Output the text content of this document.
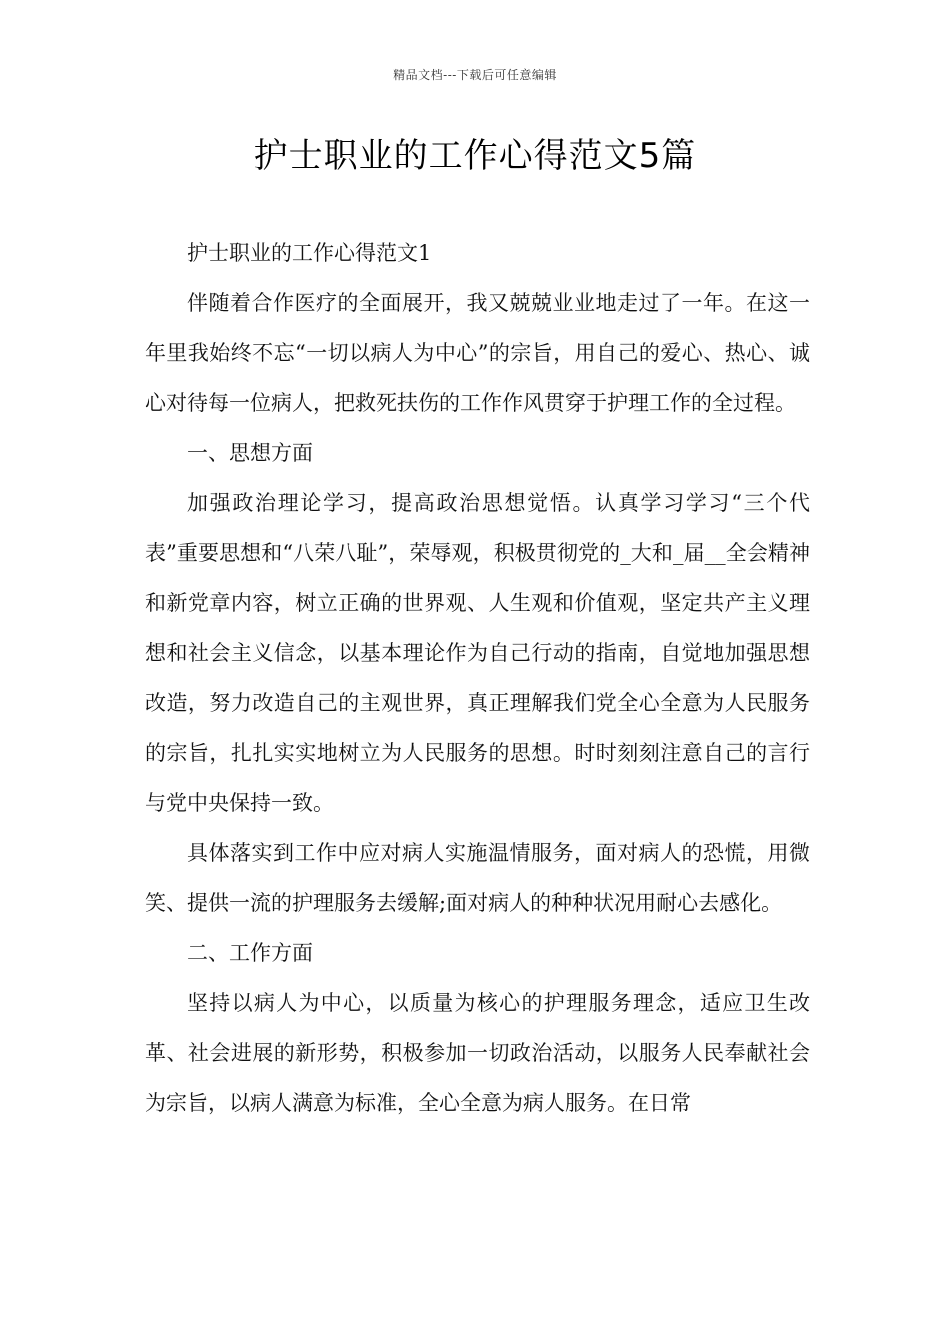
精品文档---下载后可任意编辑
护士职业的工作心得范文5篇

护士职业的工作心得范文1

伴随着合作医疗的全面展开，我又兢兢业业地走过了一年。在这一年里我始终不忘“一切以病人为中心”的宗旨，用自己的爱心、热心、诚心对待每一位病人，把救死扶伤的工作作风贯穿于护理工作的全过程。

一、思想方面

加强政治理论学习，提高政治思想觉悟。认真学习学习“三个代表”重要思想和“八荣八耻”，荣辱观，积极贯彻党的_大和_届__全会精神和新党章内容，树立正确的世界观、人生观和价值观，坚定共产主义理想和社会主义信念，以基本理论作为自己行动的指南，自觉地加强思想改造，努力改造自己的主观世界，真正理解我们党全心全意为人民服务的宗旨，扎扎实实地树立为人民服务的思想。时时刻刻注意自己的言行与党中央保持一致。

具体落实到工作中应对病人实施温情服务，面对病人的恐慌，用微笑、提供一流的护理服务去缓解;面对病人的种种状况用耐心去感化。

二、工作方面

坚持以病人为中心，以质量为核心的护理服务理念，适应卫生改革、社会进展的新形势，积极参加一切政治活动，以服务人民奉献社会为宗旨，以病人满意为标准，全心全意为病人服务。在日常
